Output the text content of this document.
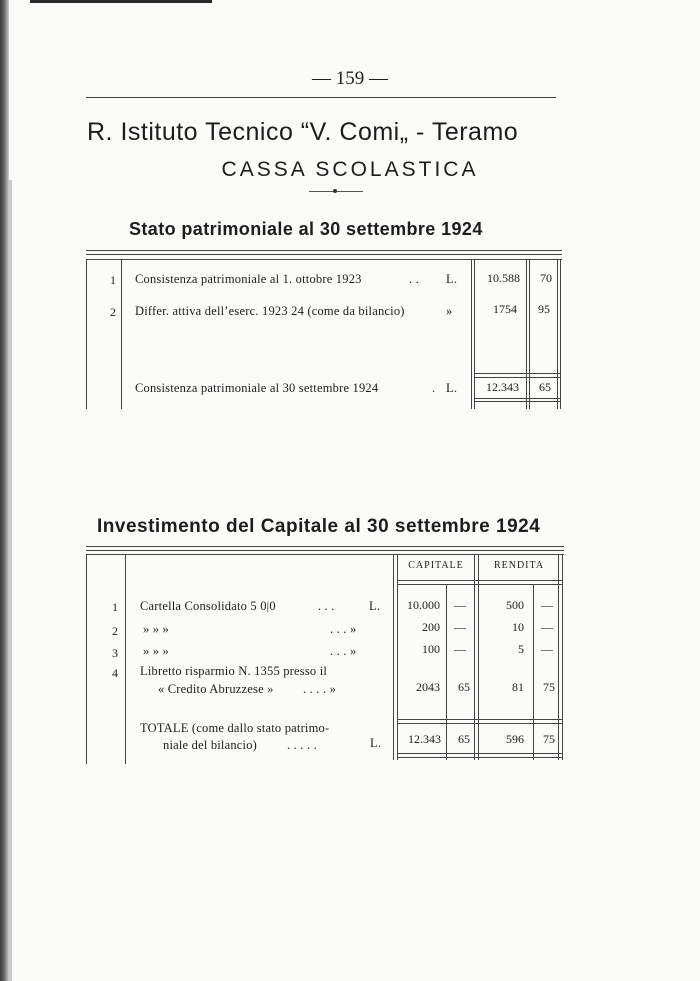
— 159 —
R. Istituto Tecnico “V. Comi„ - Teramo
CASSA SCOLASTICA
Stato patrimoniale al 30 settembre 1924
1 Consistenza patrimoniale al 1. ottobre 1923	. . L.	10.588	70
2 Differ. attiva dell’eserc. 1923 24 (come da bilancio)	»	1754	95
Consistenza patrimoniale al 30 settembre 1924	. L.	12.343	65
Investimento del Capitale al 30 settembre 1924
CAPITALE	RENDITA
1 Cartella Consolidato 5 0|0	. . .	L.	10.000	—	500	—
2 » » »	. . . »	200	—	10	—
3 » » »	. . . »	100	—	5	—
4 Libretto risparmio N. 1355 presso il
« Credito Abruzzese » . . . . »	2043	65	81	75
TOTALE (come dallo stato patrimo-
niale del bilancio) . . . . .	L.	12.343	65	596	75
